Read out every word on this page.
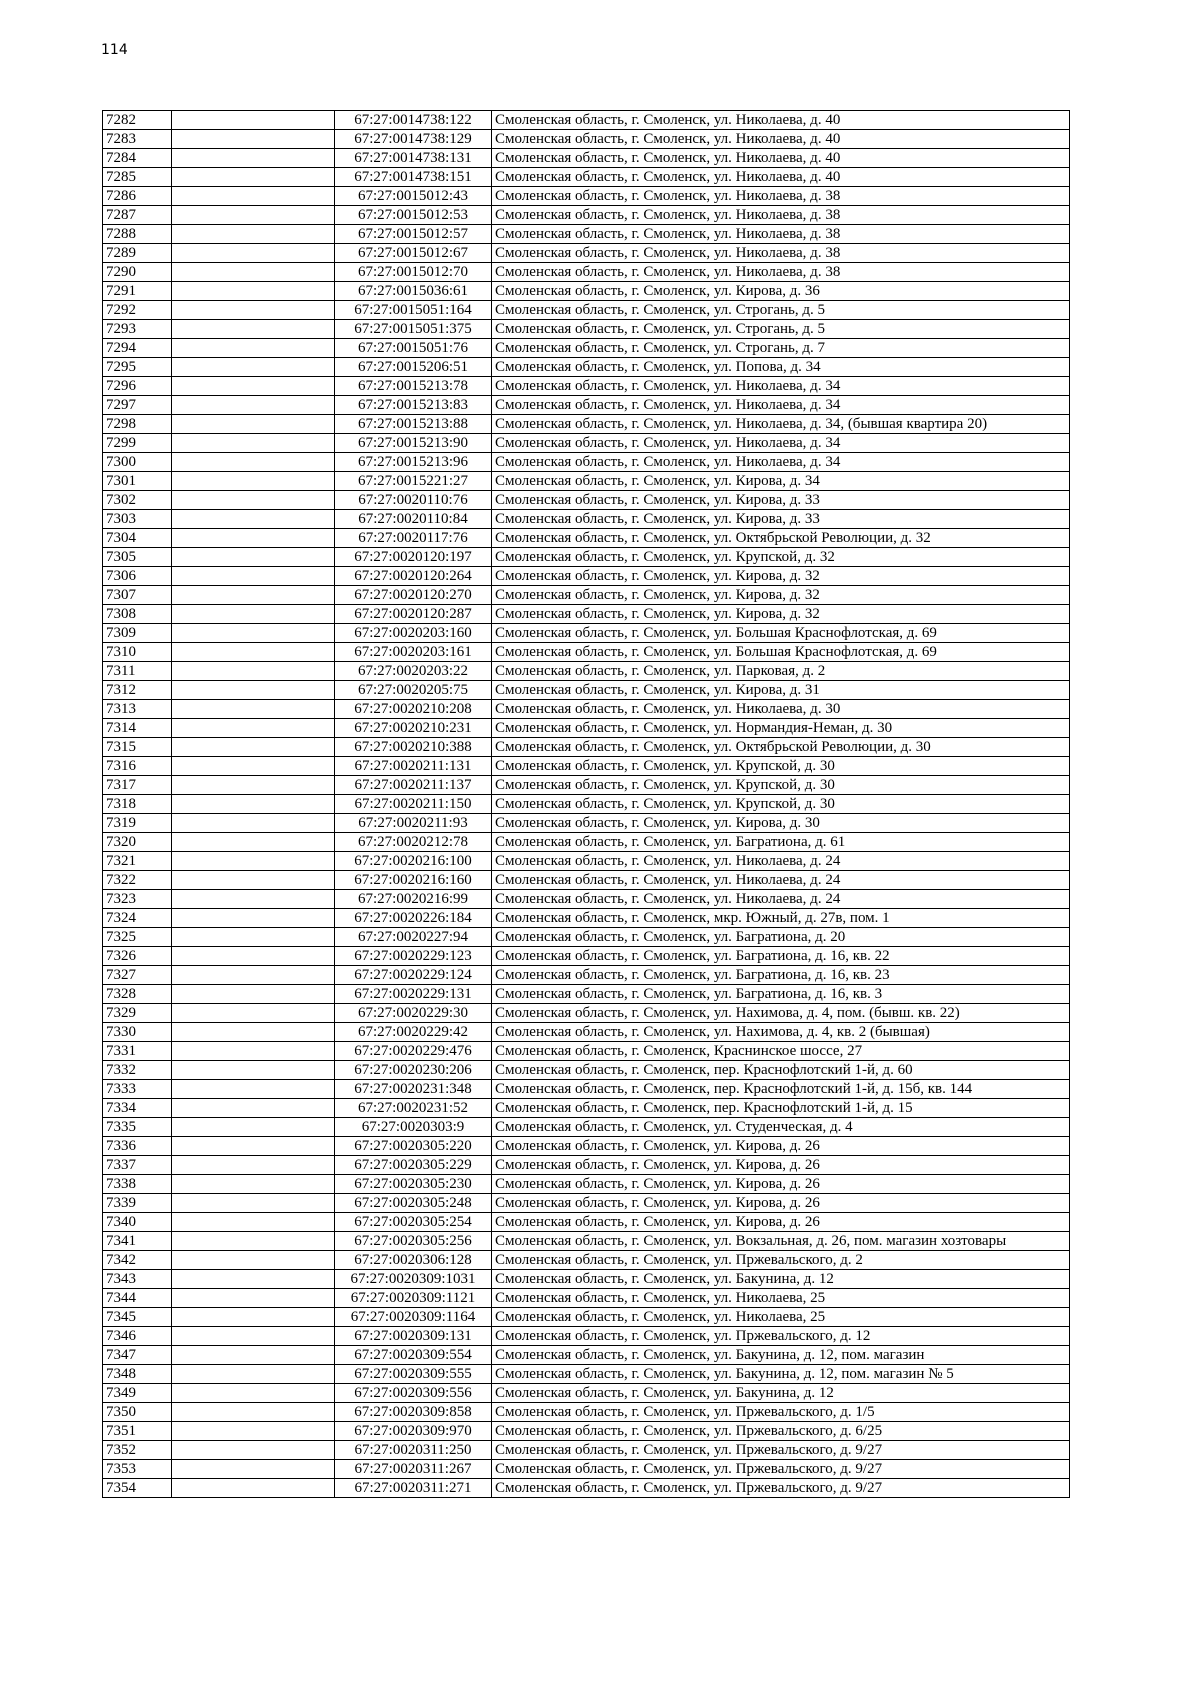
114
7282		67:27:0014738:122	Смоленская область, г. Смоленск, ул. Николаева, д. 40
7283		67:27:0014738:129	Смоленская область, г. Смоленск, ул. Николаева, д. 40
7284		67:27:0014738:131	Смоленская область, г. Смоленск, ул. Николаева, д. 40
7285		67:27:0014738:151	Смоленская область, г. Смоленск, ул. Николаева, д. 40
7286		67:27:0015012:43	Смоленская область, г. Смоленск, ул. Николаева, д. 38
7287		67:27:0015012:53	Смоленская область, г. Смоленск, ул. Николаева, д. 38
7288		67:27:0015012:57	Смоленская область, г. Смоленск, ул. Николаева, д. 38
7289		67:27:0015012:67	Смоленская область, г. Смоленск, ул. Николаева, д. 38
7290		67:27:0015012:70	Смоленская область, г. Смоленск, ул. Николаева, д. 38
7291		67:27:0015036:61	Смоленская область, г. Смоленск, ул. Кирова, д. 36
7292		67:27:0015051:164	Смоленская область, г. Смоленск, ул. Строгань, д. 5
7293		67:27:0015051:375	Смоленская область, г. Смоленск, ул. Строгань, д. 5
7294		67:27:0015051:76	Смоленская область, г. Смоленск, ул. Строгань, д. 7
7295		67:27:0015206:51	Смоленская область, г. Смоленск, ул. Попова, д. 34
7296		67:27:0015213:78	Смоленская область, г. Смоленск, ул. Николаева, д. 34
7297		67:27:0015213:83	Смоленская область, г. Смоленск, ул. Николаева, д. 34
7298		67:27:0015213:88	Смоленская область, г. Смоленск, ул. Николаева, д. 34, (бывшая квартира 20)
7299		67:27:0015213:90	Смоленская область, г. Смоленск, ул. Николаева, д. 34
7300		67:27:0015213:96	Смоленская область, г. Смоленск, ул. Николаева, д. 34
7301		67:27:0015221:27	Смоленская область, г. Смоленск, ул. Кирова, д. 34
7302		67:27:0020110:76	Смоленская область, г. Смоленск, ул. Кирова, д. 33
7303		67:27:0020110:84	Смоленская область, г. Смоленск, ул. Кирова, д. 33
7304		67:27:0020117:76	Смоленская область, г. Смоленск, ул. Октябрьской Революции, д. 32
7305		67:27:0020120:197	Смоленская область, г. Смоленск, ул. Крупской, д. 32
7306		67:27:0020120:264	Смоленская область, г. Смоленск, ул. Кирова, д. 32
7307		67:27:0020120:270	Смоленская область, г. Смоленск, ул. Кирова, д. 32
7308		67:27:0020120:287	Смоленская область, г. Смоленск, ул. Кирова, д. 32
7309		67:27:0020203:160	Смоленская область, г. Смоленск, ул. Большая Краснофлотская, д. 69
7310		67:27:0020203:161	Смоленская область, г. Смоленск, ул. Большая Краснофлотская, д. 69
7311		67:27:0020203:22	Смоленская область, г. Смоленск, ул. Парковая, д. 2
7312		67:27:0020205:75	Смоленская область, г. Смоленск, ул. Кирова, д. 31
7313		67:27:0020210:208	Смоленская область, г. Смоленск, ул. Николаева, д. 30
7314		67:27:0020210:231	Смоленская область, г. Смоленск, ул. Нормандия-Неман, д. 30
7315		67:27:0020210:388	Смоленская область, г. Смоленск, ул. Октябрьской Революции, д. 30
7316		67:27:0020211:131	Смоленская область, г. Смоленск, ул. Крупской, д. 30
7317		67:27:0020211:137	Смоленская область, г. Смоленск, ул. Крупской, д. 30
7318		67:27:0020211:150	Смоленская область, г. Смоленск, ул. Крупской, д. 30
7319		67:27:0020211:93	Смоленская область, г. Смоленск, ул. Кирова, д. 30
7320		67:27:0020212:78	Смоленская область, г. Смоленск, ул. Багратиона, д. 61
7321		67:27:0020216:100	Смоленская область, г. Смоленск, ул. Николаева, д. 24
7322		67:27:0020216:160	Смоленская область, г. Смоленск, ул. Николаева, д. 24
7323		67:27:0020216:99	Смоленская область, г. Смоленск, ул. Николаева, д. 24
7324		67:27:0020226:184	Смоленская область, г. Смоленск, мкр. Южный, д. 27в, пом. 1
7325		67:27:0020227:94	Смоленская область, г. Смоленск, ул. Багратиона, д. 20
7326		67:27:0020229:123	Смоленская область, г. Смоленск, ул. Багратиона, д. 16, кв. 22
7327		67:27:0020229:124	Смоленская область, г. Смоленск, ул. Багратиона, д. 16, кв. 23
7328		67:27:0020229:131	Смоленская область, г. Смоленск, ул. Багратиона, д. 16, кв. 3
7329		67:27:0020229:30	Смоленская область, г. Смоленск, ул. Нахимова, д. 4, пом. (бывш. кв. 22)
7330		67:27:0020229:42	Смоленская область, г. Смоленск, ул. Нахимова, д. 4, кв. 2 (бывшая)
7331		67:27:0020229:476	Смоленская область, г. Смоленск, Краснинское шоссе, 27
7332		67:27:0020230:206	Смоленская область, г. Смоленск, пер. Краснофлотский 1-й, д. 60
7333		67:27:0020231:348	Смоленская область, г. Смоленск, пер. Краснофлотский 1-й, д. 15б, кв. 144
7334		67:27:0020231:52	Смоленская область, г. Смоленск, пер. Краснофлотский 1-й, д. 15
7335		67:27:0020303:9	Смоленская область, г. Смоленск, ул. Студенческая, д. 4
7336		67:27:0020305:220	Смоленская область, г. Смоленск, ул. Кирова, д. 26
7337		67:27:0020305:229	Смоленская область, г. Смоленск, ул. Кирова, д. 26
7338		67:27:0020305:230	Смоленская область, г. Смоленск, ул. Кирова, д. 26
7339		67:27:0020305:248	Смоленская область, г. Смоленск, ул. Кирова, д. 26
7340		67:27:0020305:254	Смоленская область, г. Смоленск, ул. Кирова, д. 26
7341		67:27:0020305:256	Смоленская область, г. Смоленск, ул. Вокзальная, д. 26, пом. магазин хозтовары
7342		67:27:0020306:128	Смоленская область, г. Смоленск, ул. Пржевальского, д. 2
7343		67:27:0020309:1031	Смоленская область, г. Смоленск, ул. Бакунина, д. 12
7344		67:27:0020309:1121	Смоленская область, г. Смоленск, ул. Николаева, 25
7345		67:27:0020309:1164	Смоленская область, г. Смоленск, ул. Николаева, 25
7346		67:27:0020309:131	Смоленская область, г. Смоленск, ул. Пржевальского, д. 12
7347		67:27:0020309:554	Смоленская область, г. Смоленск, ул. Бакунина, д. 12, пом. магазин
7348		67:27:0020309:555	Смоленская область, г. Смоленск, ул. Бакунина, д. 12, пом. магазин № 5
7349		67:27:0020309:556	Смоленская область, г. Смоленск, ул. Бакунина, д. 12
7350		67:27:0020309:858	Смоленская область, г. Смоленск, ул. Пржевальского, д. 1/5
7351		67:27:0020309:970	Смоленская область, г. Смоленск, ул. Пржевальского, д. 6/25
7352		67:27:0020311:250	Смоленская область, г. Смоленск, ул. Пржевальского, д. 9/27
7353		67:27:0020311:267	Смоленская область, г. Смоленск, ул. Пржевальского, д. 9/27
7354		67:27:0020311:271	Смоленская область, г. Смоленск, ул. Пржевальского, д. 9/27
